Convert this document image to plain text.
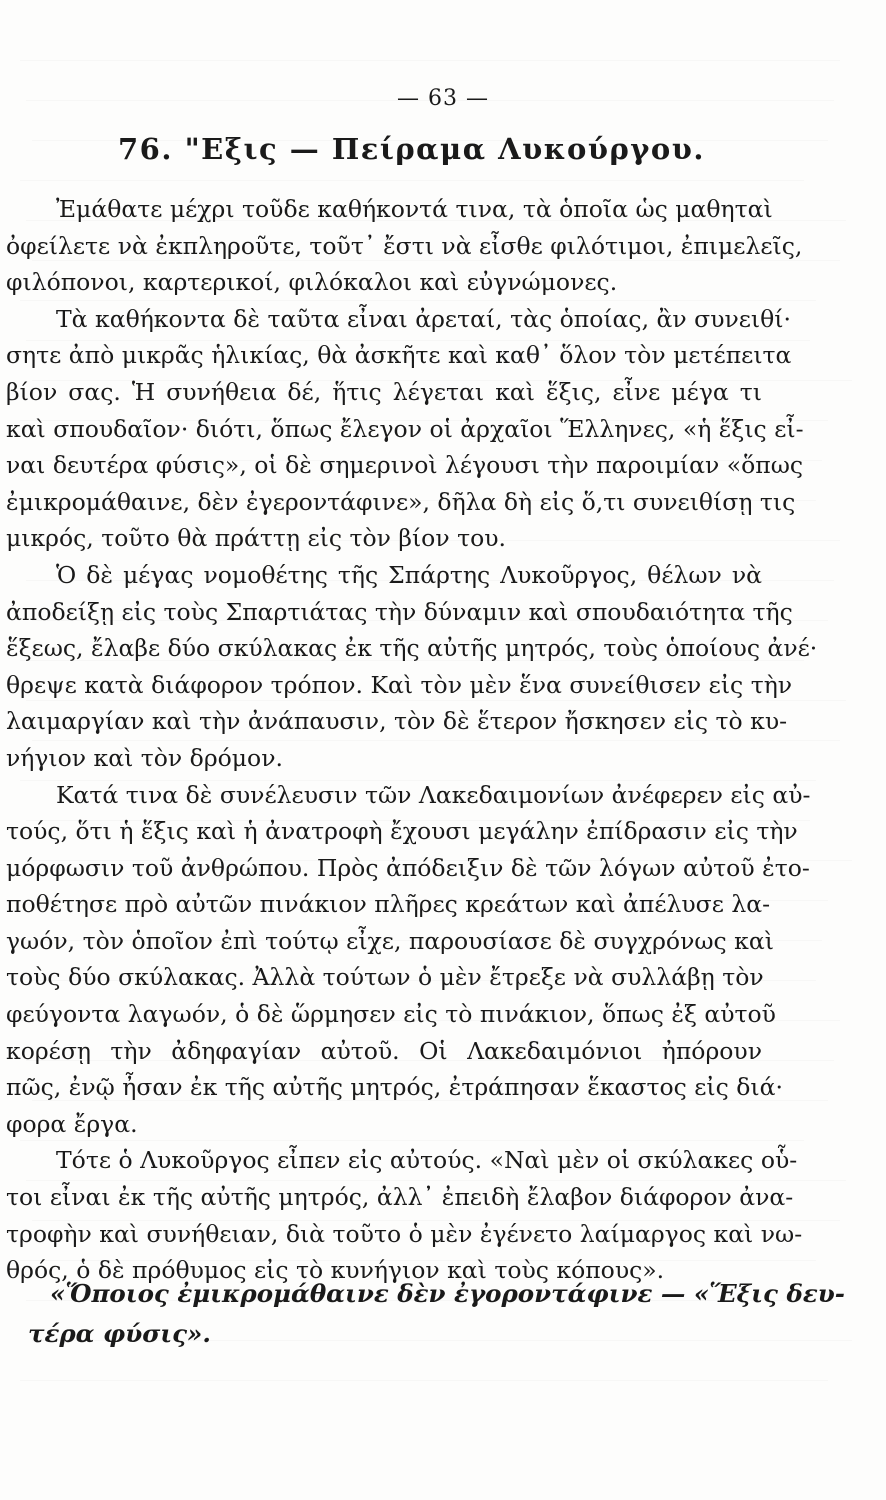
— 63 —
76. "Εξις — Πείραμα Λυκούργου.
Ἐμάθατε μέχρι τοῦδε καθήκοντά τινα, τὰ ὁποῖα ὡς μαθηταὶ
ὀφείλετε νὰ ἐκπληροῦτε, τοῦτ᾿ ἔστι νὰ εἶσθε φιλότιμοι, ἐπιμελεῖς,
φιλόπονοι, καρτερικοί, φιλόκαλοι καὶ εὐγνώμονες.
Τὰ καθήκοντα δὲ ταῦτα εἶναι ἀρεταί, τὰς ὁποίας, ἂν συνειθί·
σητε ἀπὸ μικρᾶς ἡλικίας, θὰ ἀσκῆτε καὶ καθ᾿ ὅλον τὸν μετέπειτα
βίον σας. Ἡ συνήθεια δέ, ἥτις λέγεται καὶ ἕξις, εἶνε μέγα τι
καὶ σπουδαῖον· διότι, ὅπως ἔλεγον οἱ ἀρχαῖοι Ἕλληνες, «ἡ ἕξις εἶ-
ναι δευτέρα φύσις», οἱ δὲ σημερινοὶ λέγουσι τὴν παροιμίαν «ὅπως
ἐμικρομάθαινε, δὲν ἐγεροντάφινε», δῆλα δὴ εἰς ὅ,τι συνειθίσῃ τις
μικρός, τοῦτο θὰ πράττῃ εἰς τὸν βίον του.
Ὁ δὲ μέγας νομοθέτης τῆς Σπάρτης Λυκοῦργος, θέλων νὰ
ἀποδείξῃ εἰς τοὺς Σπαρτιάτας τὴν δύναμιν καὶ σπουδαιότητα τῆς
ἕξεως, ἔλαβε δύο σκύλακας ἐκ τῆς αὐτῆς μητρός, τοὺς ὁποίους ἀνέ·
θρεψε κατὰ διάφορον τρόπον. Καὶ τὸν μὲν ἕνα συνείθισεν εἰς τὴν
λαιμαργίαν καὶ τὴν ἀνάπαυσιν, τὸν δὲ ἕτερον ἤσκησεν εἰς τὸ κυ-
νήγιον καὶ τὸν δρόμον.
Κατά τινα δὲ συνέλευσιν τῶν Λακεδαιμονίων ἀνέφερεν εἰς αὐ-
τούς, ὅτι ἡ ἕξις καὶ ἡ ἀνατροφὴ ἔχουσι μεγάλην ἐπίδρασιν εἰς τὴν
μόρφωσιν τοῦ ἀνθρώπου. Πρὸς ἀπόδειξιν δὲ τῶν λόγων αὐτοῦ ἐτο-
ποθέτησε πρὸ αὐτῶν πινάκιον πλῆρες κρεάτων καὶ ἀπέλυσε λα-
γωόν, τὸν ὁποῖον ἐπὶ τούτῳ εἶχε, παρουσίασε δὲ συγχρόνως καὶ
τοὺς δύο σκύλακας. Ἀλλὰ τούτων ὁ μὲν ἔτρεξε νὰ συλλάβῃ τὸν
φεύγοντα λαγωόν, ὁ δὲ ὥρμησεν εἰς τὸ πινάκιον, ὅπως ἐξ αὐτοῦ
κορέσῃ τὴν ἀδηφαγίαν αὐτοῦ. Οἱ Λακεδαιμόνιοι ἠπόρουν
πῶς, ἐνῷ ἦσαν ἐκ τῆς αὐτῆς μητρός, ἐτράπησαν ἕκαστος εἰς διά·
φορα ἔργα.
Τότε ὁ Λυκοῦργος εἶπεν εἰς αὐτούς. «Ναὶ μὲν οἱ σκύλακες οὗ-
τοι εἶναι ἐκ τῆς αὐτῆς μητρός, ἀλλ᾿ ἐπειδὴ ἔλαβον διάφορον ἀνα-
τροφὴν καὶ συνήθειαν, διὰ τοῦτο ὁ μὲν ἐγένετο λαίμαργος καὶ νω-
θρός, ὁ δὲ πρόθυμος εἰς τὸ κυνήγιον καὶ τοὺς κόπους».
«Ὅποιος ἐμικρομάθαινε δὲν ἐγοροντάφινε — «Ἕξις δευ-
τέρα φύσις».
